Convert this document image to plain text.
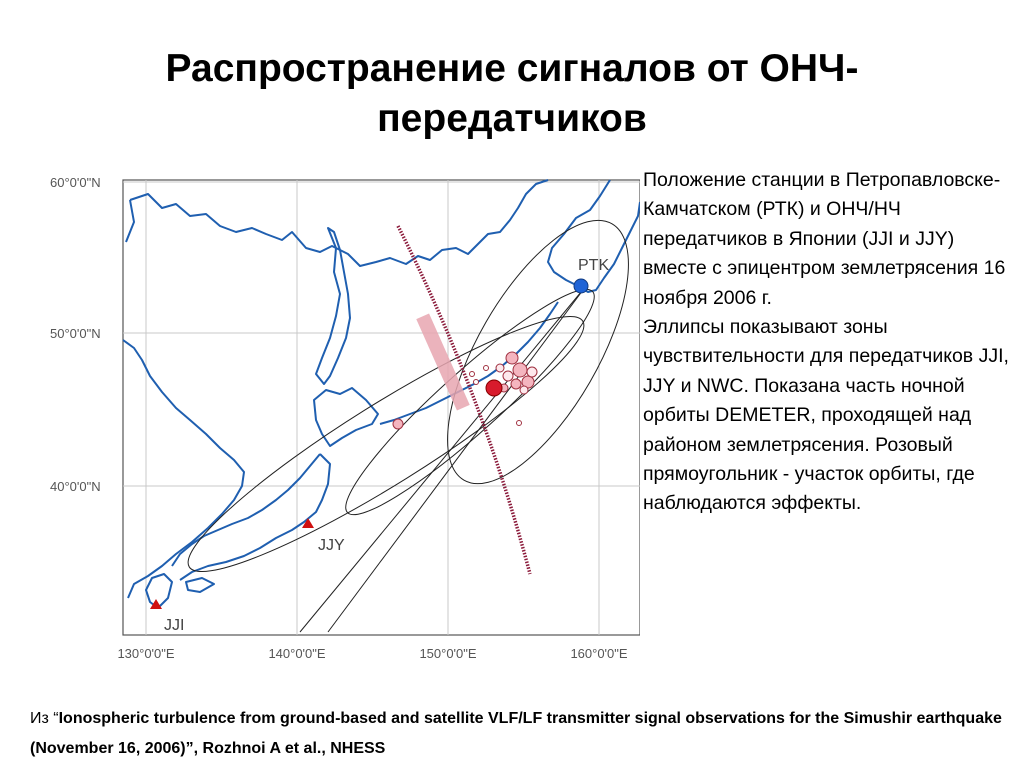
Распространение сигналов от ОНЧ-передатчиков
PTK
JJY
JJI
60°0'0"N
50°0'0"N
40°0'0"N
130°0'0"E	140°0'0"E	150°0'0"E	160°0'0"E

Положение станции в Петропавловске-Камчатском (РТК) и ОНЧ/НЧ передатчиков в Японии (JJI и JJY) вместе с эпицентром землетрясения 16 ноября 2006 г.

Эллипсы показывают зоны чувствительности для передатчиков JJI, JJY и NWC. Показана часть ночной орбиты DEMETER, проходящей над районом землетрясения. Розовый прямоугольник - участок орбиты, где наблюдаются эффекты.

Из “Ionospheric turbulence from ground-based and satellite VLF/LF transmitter signal observations for the Simushir earthquake (November 16, 2006)”, Rozhnoi A et al., NHESS
